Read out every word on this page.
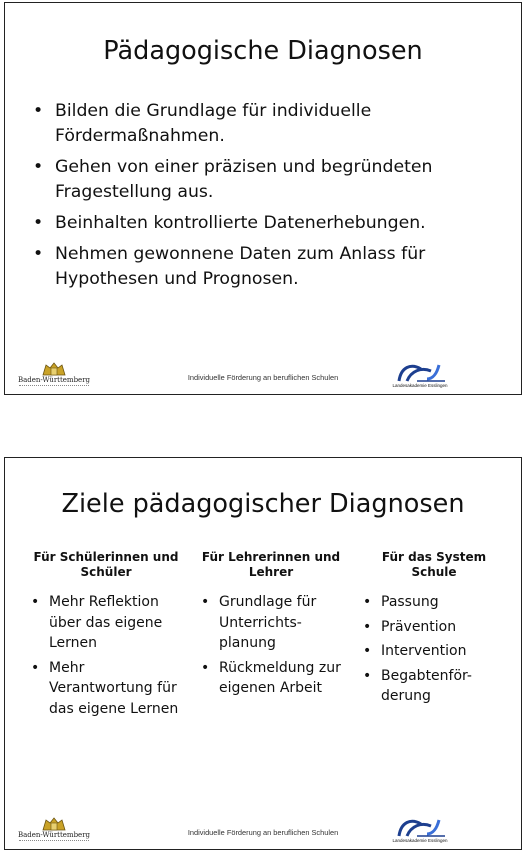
Pädagogische Diagnosen
• Bilden die Grundlage für individuelle Fördermaßnahmen.
• Gehen von einer präzisen und begründeten Fragestellung aus.
• Beinhalten kontrollierte Datenerhebungen.
• Nehmen gewonnene Daten zum Anlass für Hypothesen und Prognosen.
Baden-Württemberg	Individuelle Förderung an beruflichen Schulen
Landesakademie Esslingen
Ziele pädagogischer Diagnosen
Für Schülerinnen und Schüler
• Mehr Reflektion über das eigene Lernen
• Mehr Verantwortung für das eigene Lernen
Für Lehrerinnen und Lehrer
• Grundlage für Unterrichts-planung
• Rückmeldung zur eigenen Arbeit
Für das System Schule
• Passung
• Prävention
• Intervention
• Begabtenför-derung
Baden-Württemberg	Individuelle Förderung an beruflichen Schulen
Landesakademie Esslingen
